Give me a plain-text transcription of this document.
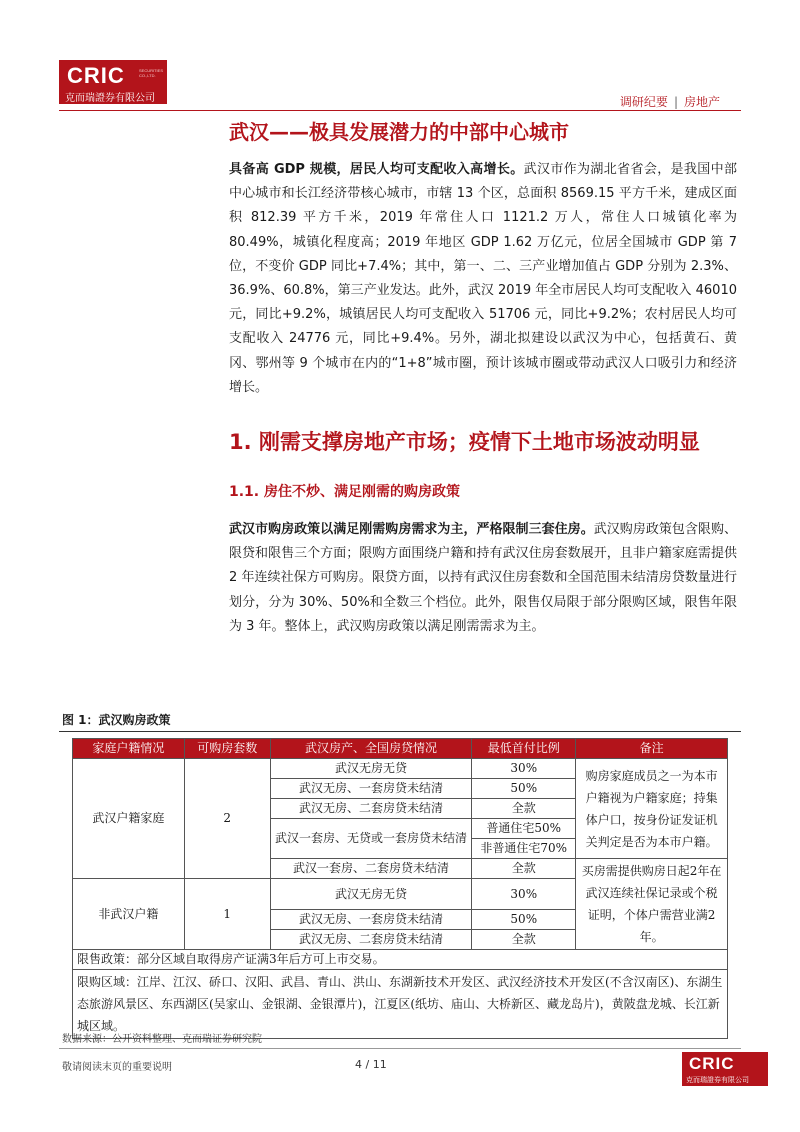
CRIC	SECURITIES CO.,LTD.
克而瑞證券有限公司	调研纪要 | 房地产
武汉——极具发展潜力的中部中心城市

具备高 GDP 规模，居民人均可支配收入高增长。武汉市作为湖北省省会，是我国中部中心城市和长江经济带核心城市，市辖 13 个区，总面积 8569.15 平方千米，建成区面积 812.39 平方千米，2019 年常住人口 1121.2 万人，常住人口城镇化率为 80.49%，城镇化程度高；2019 年地区 GDP 1.62 万亿元，位居全国城市 GDP 第 7 位，不变价 GDP 同比+7.4%；其中，第一、二、三产业增加值占 GDP 分别为 2.3%、36.9%、60.8%，第三产业发达。此外，武汉 2019 年全市居民人均可支配收入 46010 元，同比+9.2%，城镇居民人均可支配收入 51706 元，同比+9.2%；农村居民人均可支配收入 24776 元，同比+9.4%。另外，湖北拟建设以武汉为中心，包括黄石、黄冈、鄂州等 9 个城市在内的“1+8”城市圈，预计该城市圈或带动武汉人口吸引力和经济增长。

1. 刚需支撑房地产市场；疫情下土地市场波动明显
1.1. 房住不炒、满足刚需的购房政策

武汉市购房政策以满足刚需购房需求为主，严格限制三套住房。武汉购房政策包含限购、限贷和限售三个方面；限购方面围绕户籍和持有武汉住房套数展开，且非户籍家庭需提供 2 年连续社保方可购房。限贷方面，以持有武汉住房套数和全国范围未结清房贷数量进行划分，分为 30%、50%和全数三个档位。此外，限售仅局限于部分限购区域，限售年限为 3 年。整体上，武汉购房政策以满足刚需需求为主。

图 1：武汉购房政策
家庭户籍情况	可购房套数	武汉房产、全国房贷情况	最低首付比例	备注
武汉户籍家庭	2	武汉无房无贷	30%	购房家庭成员之一为本市户籍视为户籍家庭；持集体户口，按身份证发证机关判定是否为本市户籍。
		武汉无房、一套房贷未结清	50%	
		武汉无房、二套房贷未结清	全款	
		武汉一套房、无贷或一套房贷未结清	普通住宅50%	
			非普通住宅70%	
		武汉一套房、二套房贷未结清	全款	
				买房需提供购房日起2年在武汉连续社保记录或个税证明，个体户需营业满2年。
非武汉户籍	1	武汉无房无贷	30%	
		武汉无房、一套房贷未结清	50%	
		武汉无房、二套房贷未结清	全款	
限售政策：部分区域自取得房产证满3年后方可上市交易。				
限购区域：江岸、江汉、硚口、汉阳、武昌、青山、洪山、东湖新技术开发区、武汉经济技术开发区(不含汉南区)、东湖生态旅游风景区、东西湖区(吴家山、金银湖、金银潭片)，江夏区(纸坊、庙山、大桥新区、藏龙岛片)，黄陂盘龙城、长江新城区域。				
数据来源：公开资料整理、克而瑞证券研究院
敬请阅读末页的重要说明	4 / 11	CRIC
克而瑞證券有限公司
